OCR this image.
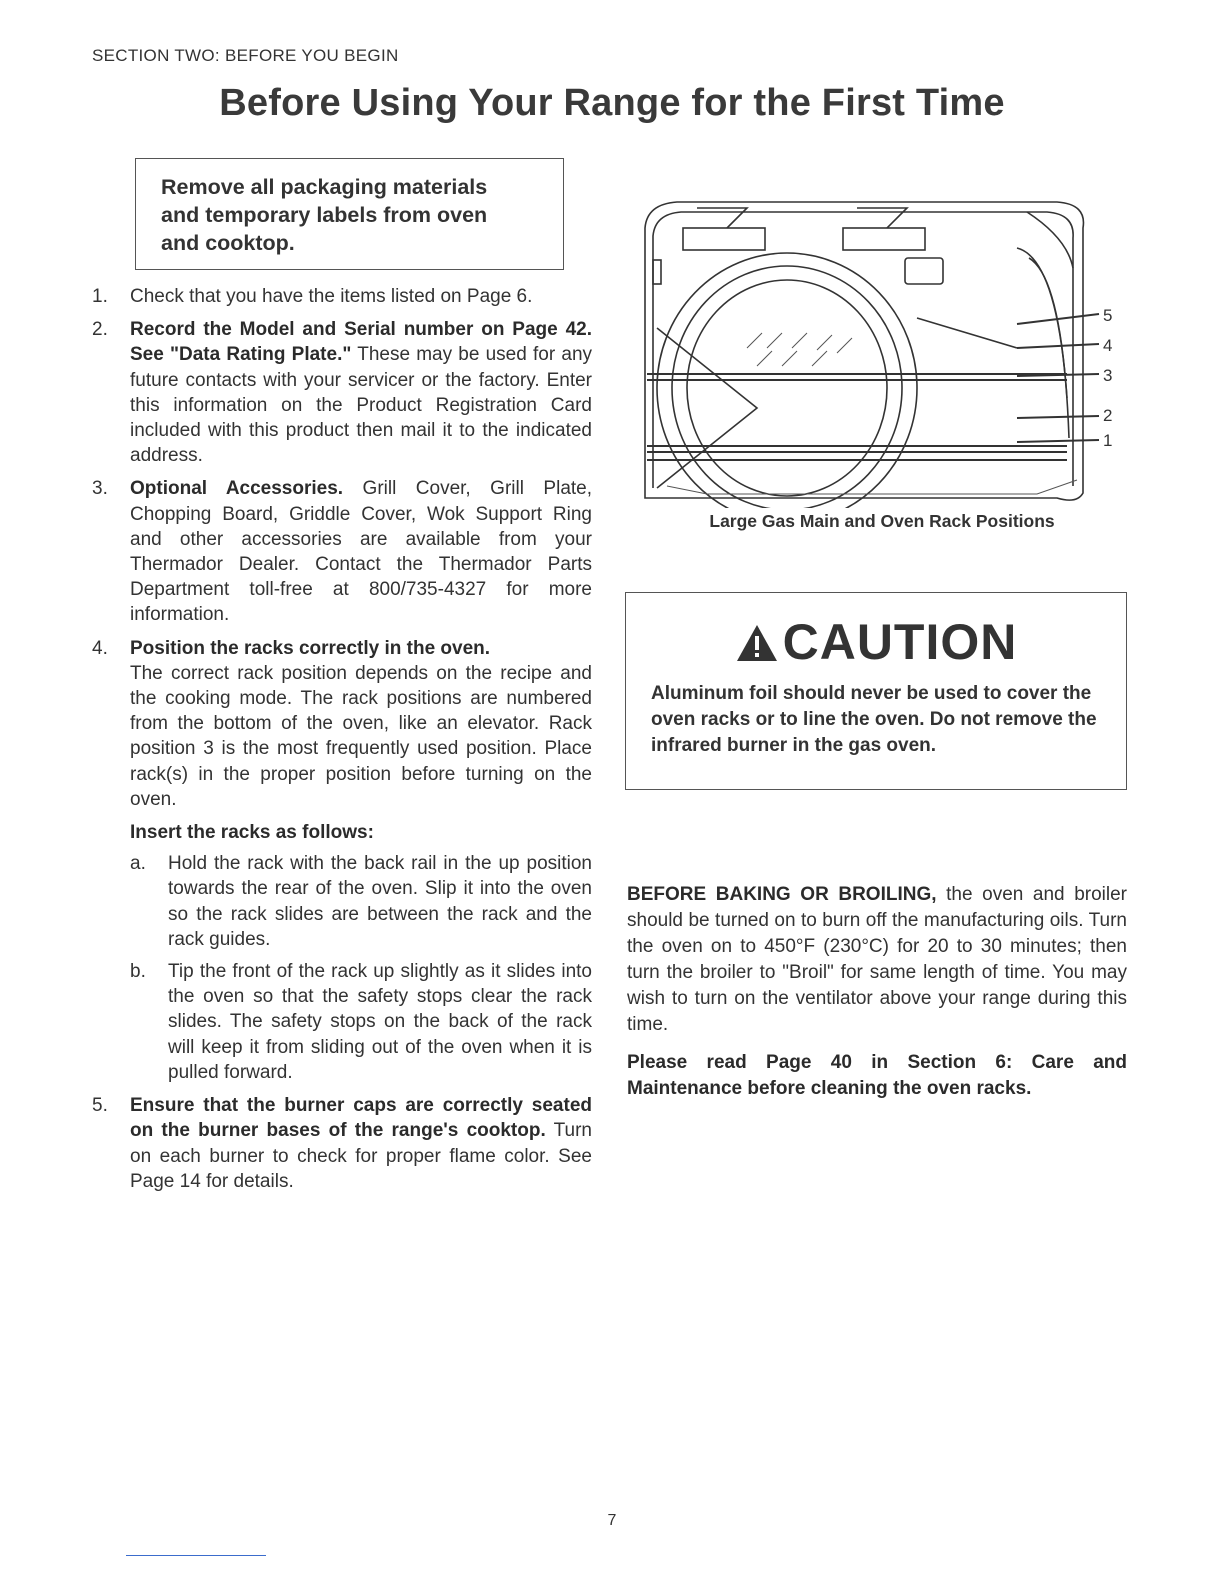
SECTION TWO: BEFORE YOU BEGIN
Before Using Your Range for the First Time
Remove all packaging materials
and temporary labels from oven
and cooktop.
1. Check that you have the items listed on Page 6.
2. Record the Model and Serial number on Page 42. See "Data Rating Plate." These may be used for any future contacts with your servicer or the factory. Enter this information on the Product Registration Card included with this product then mail it to the indicated address.
3. Optional Accessories. Grill Cover, Grill Plate, Chopping Board, Griddle Cover, Wok Support Ring and other accessories are available from your Thermador Dealer. Contact the Thermador Parts Department toll-free at 800/735-4327 for more information.
4. Position the racks correctly in the oven.
The correct rack position depends on the recipe and the cooking mode. The rack positions are numbered from the bottom of the oven, like an elevator. Rack position 3 is the most frequently used position. Place rack(s) in the proper position before turning on the oven.
Insert the racks as follows:
a. Hold the rack with the back rail in the up position towards the rear of the oven. Slip it into the oven so the rack slides are between the rack and the rack guides.
b. Tip the front of the rack up slightly as it slides into the oven so that the safety stops clear the rack slides. The safety stops on the back of the rack will keep it from sliding out of the oven when it is pulled forward.
5. Ensure that the burner caps are correctly seated on the burner bases of the range's cooktop. Turn on each burner to check for proper flame color. See Page 14 for details.
5
4
3
2
1
Large Gas Main and Oven Rack Positions
CAUTION
Aluminum foil should never be used to cover the oven racks or to line the oven. Do not remove the infrared burner in the gas oven.
BEFORE BAKING OR BROILING, the oven and broiler should be turned on to burn off the manufacturing oils. Turn the oven on to 450°F (230°C) for 20 to 30 minutes; then turn the broiler to "Broil" for same length of time. You may wish to turn on the ventilator above your range during this time.
Please read Page 40 in Section 6: Care and Maintenance before cleaning the oven racks.
7
